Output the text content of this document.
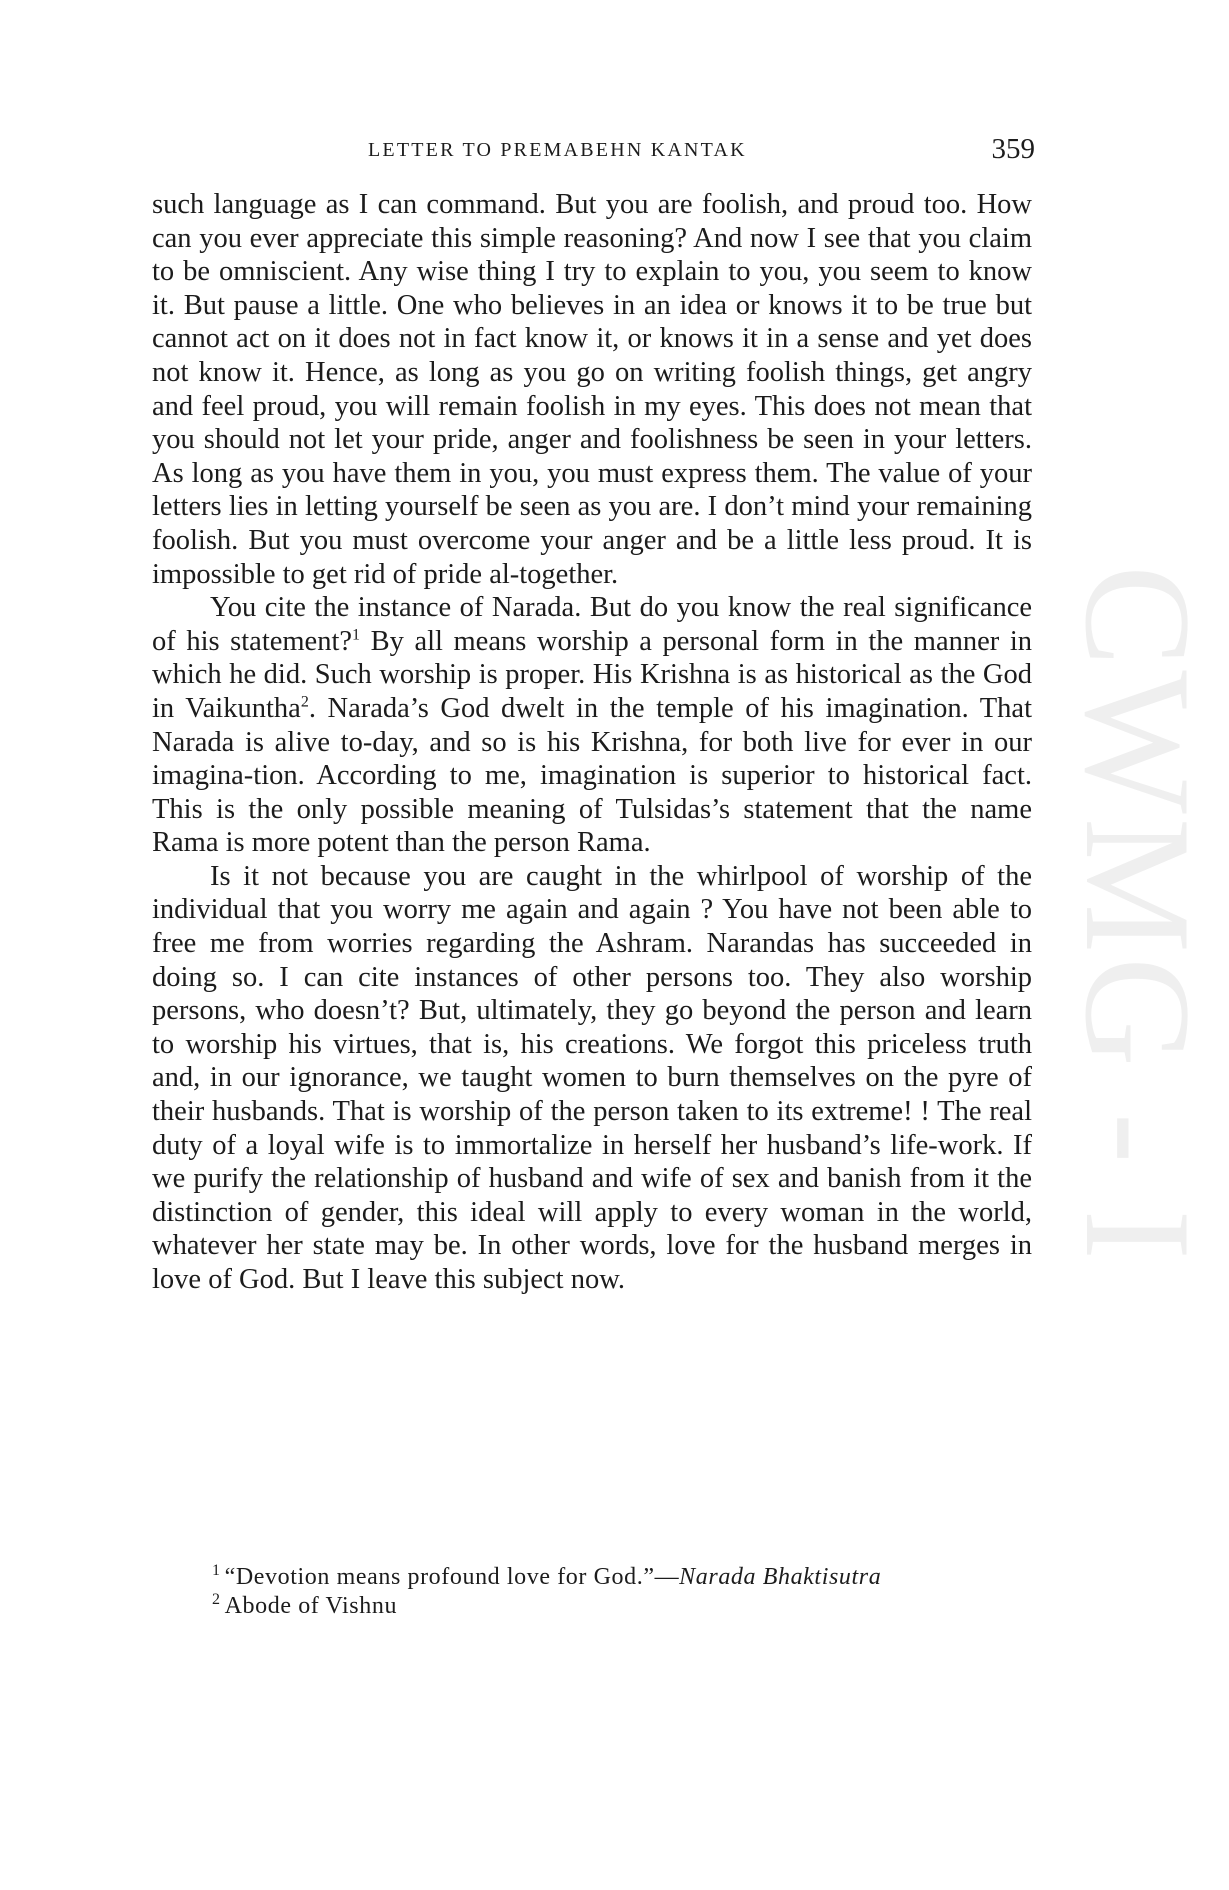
CWMG - I
LETTER TO PREMABEHN KANTAK	359

such language as I can command. But you are foolish, and proud too. How can you ever appreciate this simple reasoning? And now I see that you claim to be omniscient. Any wise thing I try to explain to you, you seem to know it. But pause a little. One who believes in an idea or knows it to be true but cannot act on it does not in fact know it, or knows it in a sense and yet does not know it. Hence, as long as you go on writing foolish things, get angry and feel proud, you will remain foolish in my eyes. This does not mean that you should not let your pride, anger and foolishness be seen in your letters. As long as you have them in you, you must express them. The value of your letters lies in letting yourself be seen as you are. I don’t mind your remaining foolish. But you must overcome your anger and be a little less proud. It is impossible to get rid of pride al-together.

You cite the instance of Narada. But do you know the real significance of his statement?$^1$ By all means worship a personal form in the manner in which he did. Such worship is proper. His Krishna is as historical as the God in Vaikuntha$^2$. Narada’s God dwelt in the temple of his imagination. That Narada is alive to-day, and so is his Krishna, for both live for ever in our imagina-tion. According to me, imagination is superior to historical fact. This is the only possible meaning of Tulsidas’s statement that the name Rama is more potent than the person Rama.

Is it not because you are caught in the whirlpool of worship of the individual that you worry me again and again ? You have not been able to free me from worries regarding the Ashram. Narandas has succeeded in doing so. I can cite instances of other persons too. They also worship persons, who doesn’t? But, ultimately, they go beyond the person and learn to worship his virtues, that is, his creations. We forgot this priceless truth and, in our ignorance, we taught women to burn themselves on the pyre of their husbands. That is worship of the person taken to its extreme! ! The real duty of a loyal wife is to immortalize in herself her husband’s life-work. If we purify the relationship of husband and wife of sex and banish from it the distinction of gender, this ideal will apply to every woman in the world, whatever her state may be. In other words, love for the husband merges in love of God. But I leave this subject now.

$^1$ “Devotion means profound love for God.”—Narada Bhaktisutra

$^2$ Abode of Vishnu
